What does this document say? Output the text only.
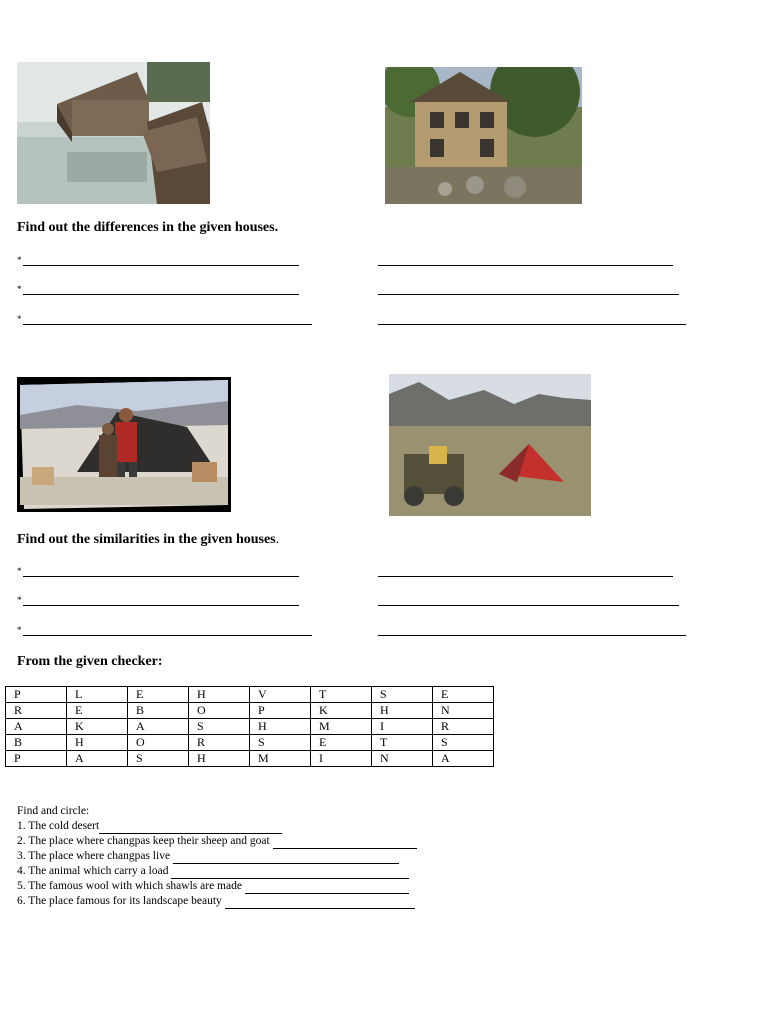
Find out the differences in the given houses.

*
*
*

Find out the similarities in the given houses.

*
*
*

From the given checker:

P	L	E	H	V	T	S	E
R	E	B	O	P	K	H	N
A	K	A	S	H	M	I	R
B	H	O	R	S	E	T	S
P	A	S	H	M	I	N	A
Find and circle:
1. The cold desert
2. The place where changpas keep their sheep and goat
3. The place where changpas live
4. The animal which carry a load
5. The famous wool with which shawls are made
6. The place famous for its landscape beauty
